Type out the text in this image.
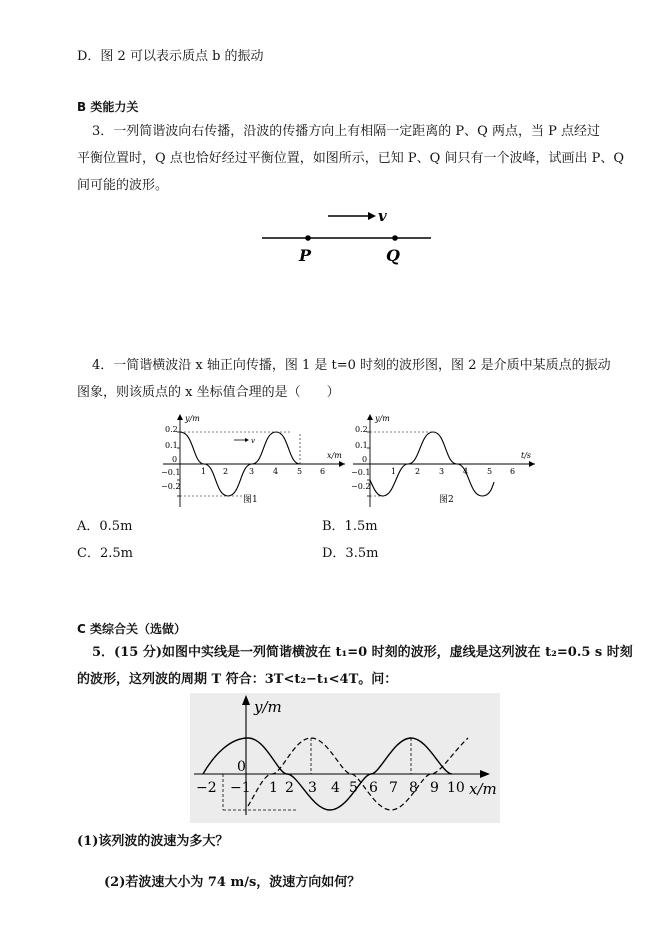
D．图 2 可以表示质点 b 的振动
B 类能力关
3．一列简谐波向右传播，沿波的传播方向上有相隔一定距离的 P、Q 两点，当 P 点经过
平衡位置时，Q 点也恰好经过平衡位置，如图所示，已知 P、Q 间只有一个波峰，试画出 P、Q
间可能的波形。
v
P	Q
4．一简谐横波沿 x 轴正向传播，图 1 是 t=0 时刻的波形图，图 2 是介质中某质点的振动
图象，则该质点的 x 坐标值合理的是（　　）
y/m
x/m
0.2
0.1
0
−0.1
−0.2
1 2	3 4 5 6
v
图1
y/m
t/s
0.2
0.1
0
−0.1
−0.2
1 2 3 4 5 6
图2
A．0.5m	B．1.5m
C．2.5m	D．3.5m
C 类综合关（选做）
5．(15 分)如图中实线是一列简谐横波在 t₁=0 时刻的波形，虚线是这列波在 t₂=0.5 s 时刻
的波形，这列波的周期 T 符合：3T<t₂−t₁<4T。问：
y/m
x/m
0
−2 −1 1 2 3 4 5 6 7 8 9 10
(1)该列波的波速为多大？
(2)若波速大小为 74 m/s，波速方向如何？
